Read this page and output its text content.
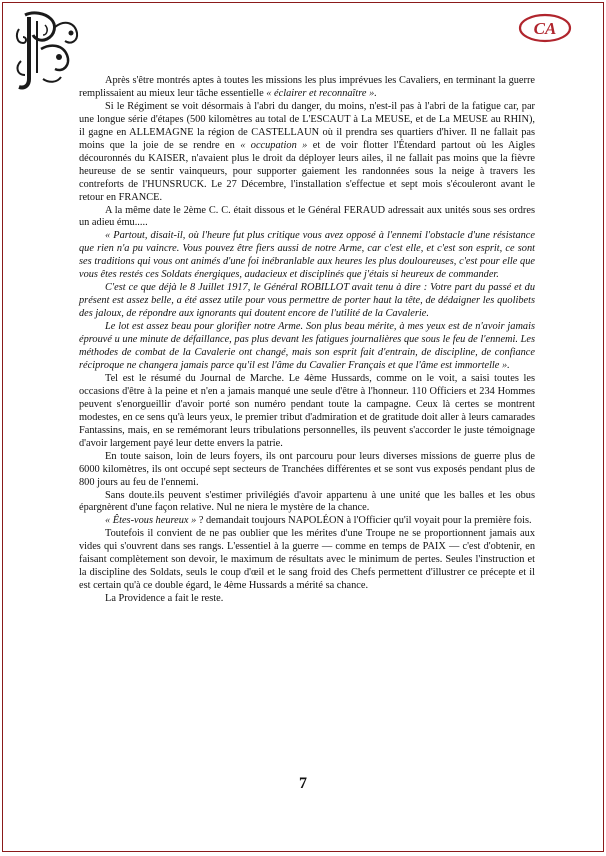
CA

Après s'être montrés aptes à toutes les missions les plus imprévues les Cavaliers, en terminant la guerre remplissaient au mieux leur tâche essentielle « éclairer et reconnaître ».

Si le Régiment se voit désormais à l'abri du danger, du moins, n'est-il pas à l'abri de la fatigue car, par une longue série d'étapes (500 kilomètres au total de L'ESCAUT à La MEUSE, et de La MEUSE au RHIN), il gagne en ALLEMAGNE la région de CASTELLAUN où il prendra ses quartiers d'hiver. Il ne fallait pas moins que la joie de se rendre en « occupation » et de voir flotter l'Étendard partout où les Aigles découronnés du KAISER, n'avaient plus le droit da déployer leurs ailes, il ne fallait pas moins que la fièvre heureuse de se sentir vainqueurs, pour supporter gaiement les randonnées sous la neige à travers les contreforts de l'HUNSRUCK. Le 27 Décembre, l'installation s'effectue et sept mois s'écouleront avant le retour en FRANCE.

A la même date le 2ème C. C. était dissous et le Général FERAUD adressait aux unités sous ses ordres un adieu ému.....

« Partout, disait-il, où l'heure fut plus critique vous avez opposé à l'ennemi l'obstacle d'une résistance que rien n'a pu vaincre. Vous pouvez être fiers aussi de notre Arme, car c'est elle, et c'est son esprit, ce sont ses traditions qui vous ont animés d'une foi inébranlable aux heures les plus douloureuses, c'est pour elle que vous êtes restés ces Soldats énergiques, audacieux et disciplinés que j'étais si heureux de commander.

C'est ce que déjà le 8 Juillet 1917, le Général ROBILLOT avait tenu à dire : Votre part du passé et du présent est assez belle, a été assez utile pour vous permettre de porter haut la tête, de dédaigner les quolibets des jaloux, de répondre aux ignorants qui doutent encore de l'utilité de la Cavalerie.

Le lot est assez beau pour glorifier notre Arme. Son plus beau mérite, à mes yeux est de n'avoir jamais éprouvé u une minute de défaillance, pas plus devant les fatigues journalières que sous le feu de l'ennemi. Les méthodes de combat de la Cavalerie ont changé, mais son esprit fait d'entrain, de discipline, de confiance réciproque ne changera jamais parce qu'il est l'âme du Cavalier Français et que l'âme est immortelle ».

Tel est le résumé du Journal de Marche. Le 4ème Hussards, comme on le voit, a saisi toutes les occasions d'être à la peine et n'en a jamais manqué une seule d'être à l'honneur. 110 Officiers et 234 Hommes peuvent s'enorgueillir d'avoir porté son numéro pendant toute la campagne. Ceux là certes se montrent modestes, en ce sens qu'à leurs yeux, le premier tribut d'admiration et de gratitude doit aller à leurs camarades Fantassins, mais, en se remémorant leurs tribulations personnelles, ils peuvent s'accorder le juste témoignage d'avoir largement payé leur dette envers la patrie.

En toute saison, loin de leurs foyers, ils ont parcouru pour leurs diverses missions de guerre plus de 6000 kilomètres, ils ont occupé sept secteurs de Tranchées différentes et se sont vus exposés pendant plus de 800 jours au feu de l'ennemi.

Sans doute.ils peuvent s'estimer privilégiés d'avoir appartenu à une unité que les balles et les obus épargnèrent d'une façon relative. Nul ne niera le mystère de la chance.

« Êtes-vous heureux » ? demandait toujours NAPOLÉON à l'Officier qu'il voyait pour la première fois.

Toutefois il convient de ne pas oublier que les mérites d'une Troupe ne se proportionnent jamais aux vides qui s'ouvrent dans ses rangs. L'essentiel à la guerre — comme en temps de PAIX — c'est d'obtenir, en faisant complètement son devoir, le maximum de résultats avec le minimum de pertes. Seules l'instruction et la discipline des Soldats, seuls le coup d'œil et le sang froid des Chefs permettent d'illustrer ce précepte et il est certain qu'à ce double égard, le 4ème Hussards a mérité sa chance.

La Providence a fait le reste.

7
